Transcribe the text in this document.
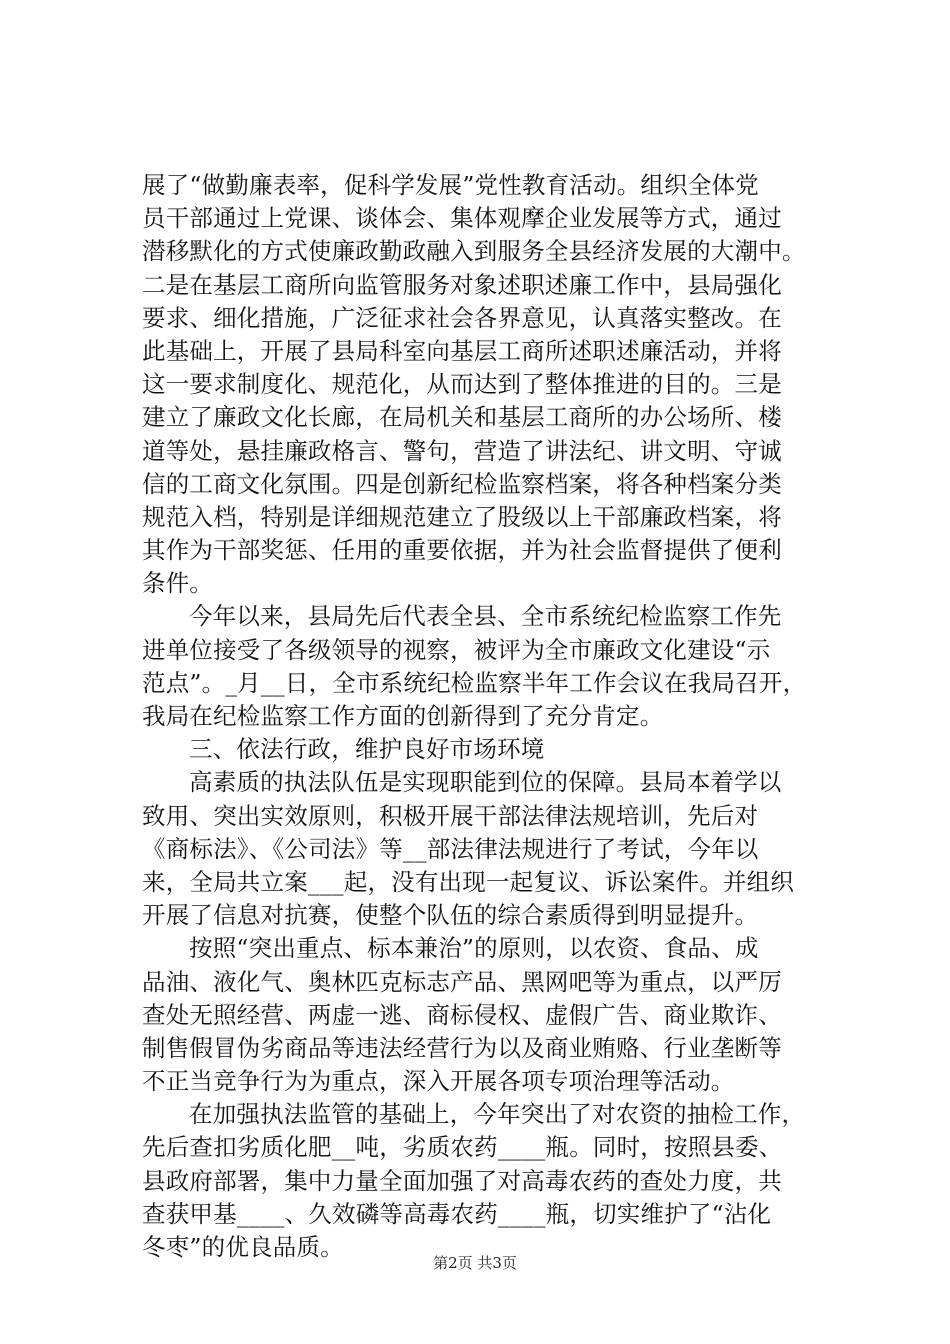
展了“做勤廉表率，促科学发展”党性教育活动。组织全体党
员干部通过上党课、谈体会、集体观摩企业发展等方式，通过
潜移默化的方式使廉政勤政融入到服务全县经济发展的大潮中。
二是在基层工商所向监管服务对象述职述廉工作中，县局强化
要求、细化措施，广泛征求社会各界意见，认真落实整改。在
此基础上，开展了县局科室向基层工商所述职述廉活动，并将
这一要求制度化、规范化，从而达到了整体推进的目的。三是
建立了廉政文化长廊，在局机关和基层工商所的办公场所、楼
道等处，悬挂廉政格言、警句，营造了讲法纪、讲文明、守诚
信的工商文化氛围。四是创新纪检监察档案，将各种档案分类
规范入档，特别是详细规范建立了股级以上干部廉政档案，将
其作为干部奖惩、任用的重要依据，并为社会监督提供了便利
条件。
今年以来，县局先后代表全县、全市系统纪检监察工作先
进单位接受了各级领导的视察，被评为全市廉政文化建设“示
范点”。_月__日，全市系统纪检监察半年工作会议在我局召开，
我局在纪检监察工作方面的创新得到了充分肯定。
三、依法行政，维护良好市场环境
高素质的执法队伍是实现职能到位的保障。县局本着学以
致用、突出实效原则，积极开展干部法律法规培训，先后对
《商标法》、《公司法》等__部法律法规进行了考试，今年以
来，全局共立案___起，没有出现一起复议、诉讼案件。并组织
开展了信息对抗赛，使整个队伍的综合素质得到明显提升。
按照“突出重点、标本兼治”的原则，以农资、食品、成
品油、液化气、奥林匹克标志产品、黑网吧等为重点，以严厉
查处无照经营、两虚一逃、商标侵权、虚假广告、商业欺诈、
制售假冒伪劣商品等违法经营行为以及商业贿赂、行业垄断等
不正当竞争行为为重点，深入开展各项专项治理等活动。
在加强执法监管的基础上，今年突出了对农资的抽检工作，
先后查扣劣质化肥__吨，劣质农药____瓶。同时，按照县委、
县政府部署，集中力量全面加强了对高毒农药的查处力度，共
查获甲基____、久效磷等高毒农药____瓶，切实维护了“沾化
冬枣”的优良品质。
第2页 共3页
